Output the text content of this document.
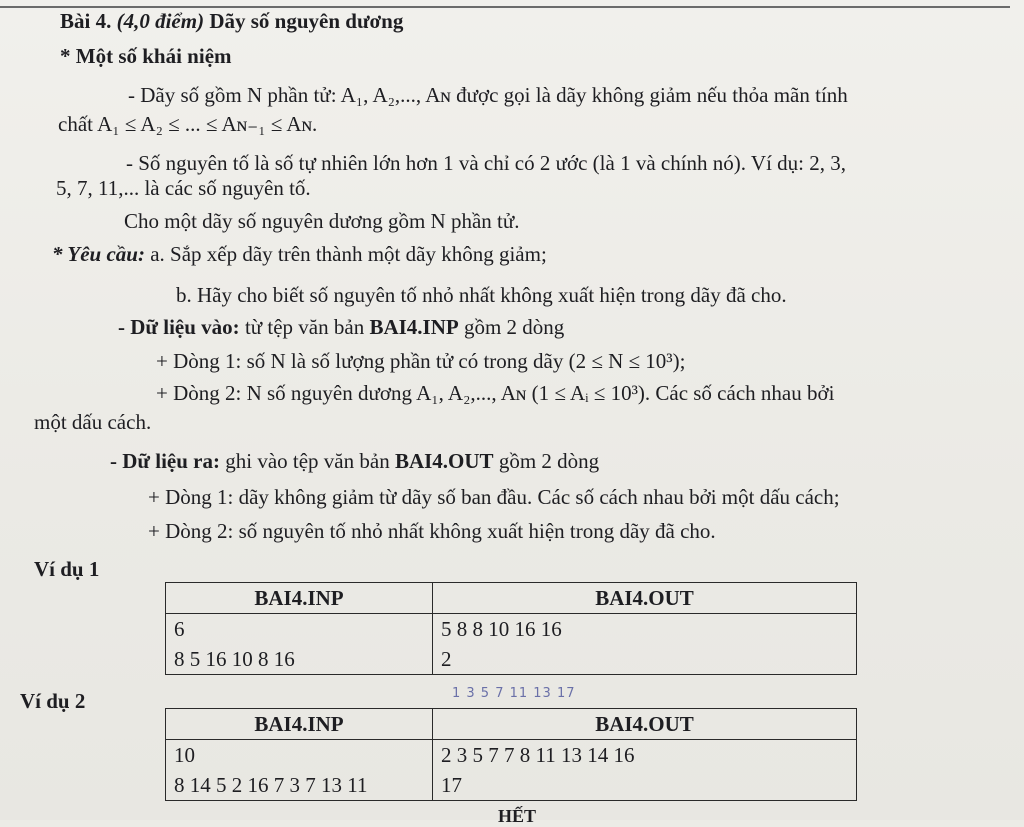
Bài 4. (4,0 điểm) Dãy số nguyên dương
* Một số khái niệm
- Dãy số gồm N phần tử: A₁, A₂,..., Aɴ được gọi là dãy không giảm nếu thỏa mãn tính
chất A₁ ≤ A₂ ≤ ... ≤ Aɴ₋₁ ≤ Aɴ.
- Số nguyên tố là số tự nhiên lớn hơn 1 và chỉ có 2 ước (là 1 và chính nó). Ví dụ: 2, 3,
5, 7, 11,... là các số nguyên tố.
Cho một dãy số nguyên dương gồm N phần tử.
* Yêu cầu: a. Sắp xếp dãy trên thành một dãy không giảm;
b. Hãy cho biết số nguyên tố nhỏ nhất không xuất hiện trong dãy đã cho.
- Dữ liệu vào: từ tệp văn bản BAI4.INP gồm 2 dòng
+ Dòng 1: số N là số lượng phần tử có trong dãy (2 ≤ N ≤ 10³);
+ Dòng 2: N số nguyên dương A₁, A₂,..., Aɴ (1 ≤ Aᵢ ≤ 10³). Các số cách nhau bởi
một dấu cách.
- Dữ liệu ra: ghi vào tệp văn bản BAI4.OUT gồm 2 dòng
+ Dòng 1: dãy không giảm từ dãy số ban đầu. Các số cách nhau bởi một dấu cách;
+ Dòng 2: số nguyên tố nhỏ nhất không xuất hiện trong dãy đã cho.
Ví dụ 1
BAI4.INP	BAI4.OUT
6	5 8 8 10 16 16
8 5 16 10 8 16	2
Ví dụ 2	1 3 5 7 11 13 17
BAI4.INP	BAI4.OUT
10	2 3 5 7 7 8 11 13 14 16
8 14 5 2 16 7 3 7 13 11	17
HẾT
